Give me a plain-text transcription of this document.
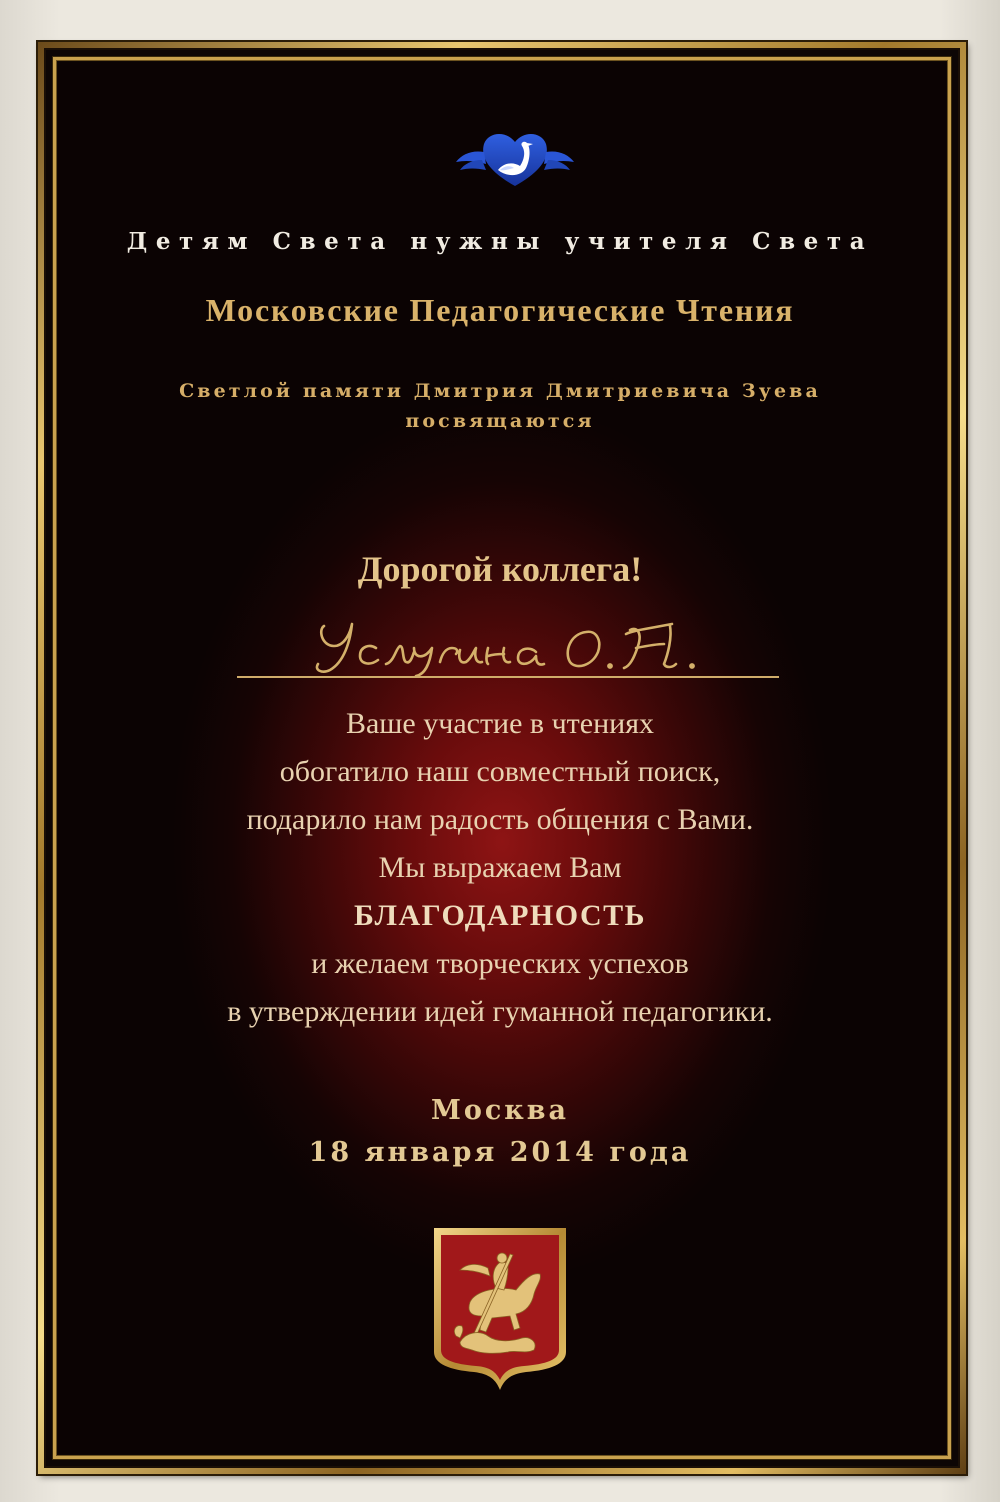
Детям Света нужны учителя Света
Московские Педагогические Чтения
Светлой памяти Дмитрия Дмитриевича Зуева
посвящаются
Дорогой коллега!
Ваше участие в чтениях
обогатило наш совместный поиск,
подарило нам радость общения с Вами.
Мы выражаем Вам
БЛАГОДАРНОСТЬ
и желаем творческих успехов
в утверждении идей гуманной педагогики.
Москва
18 января 2014 года
